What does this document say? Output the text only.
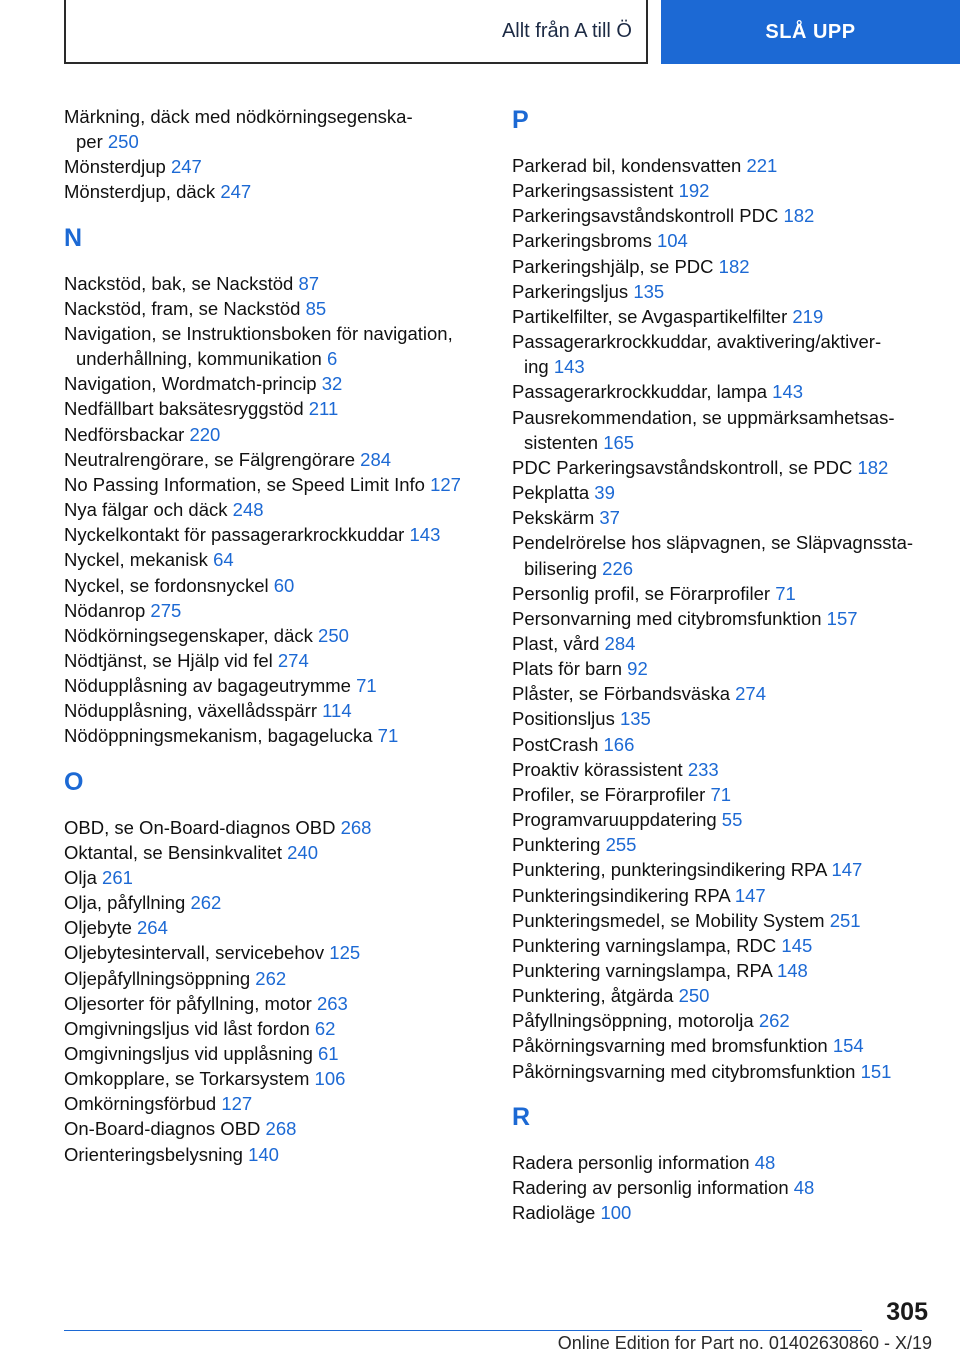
Allt från A till Ö	SLÅ UPP
Märkning, däck med nödkörningsegenska‐
per 250
Mönsterdjup 247
Mönsterdjup, däck 247
N
Nackstöd, bak, se Nackstöd 87
Nackstöd, fram, se Nackstöd 85
Navigation, se Instruktionsboken för navigation,
underhållning, kommunikation 6
Navigation, Wordmatch‐princip 32
Nedfällbart baksätesryggstöd 211
Nedförsbackar 220
Neutralrengörare, se Fälgrengörare 284
No Passing Information, se Speed Limit Info 127
Nya fälgar och däck 248
Nyckelkontakt för passagerarkrockkuddar 143
Nyckel, mekanisk 64
Nyckel, se fordonsnyckel 60
Nödanrop 275
Nödkörningsegenskaper, däck 250
Nödtjänst, se Hjälp vid fel 274
Nödupplåsning av bagageutrymme 71
Nödupplåsning, växellådsspärr 114
Nödöppningsmekanism, bagagelucka 71
O
OBD, se On-Board-diagnos OBD 268
Oktantal, se Bensinkvalitet 240
Olja 261
Olja, påfyllning 262
Oljebyte 264
Oljebytesintervall, servicebehov 125
Oljepåfyllningsöppning 262
Oljesorter för påfyllning, motor 263
Omgivningsljus vid låst fordon 62
Omgivningsljus vid upplåsning 61
Omkopplare, se Torkarsystem 106
Omkörningsförbud 127
On-Board-diagnos OBD 268
Orienteringsbelysning 140
P
Parkerad bil, kondensvatten 221
Parkeringsassistent 192
Parkeringsavståndskontroll PDC 182
Parkeringsbroms 104
Parkeringshjälp, se PDC 182
Parkeringsljus 135
Partikelfilter, se Avgaspartikelfilter 219
Passagerarkrockkuddar, avaktivering/aktiver‐
ing 143
Passagerarkrockkuddar, lampa 143
Pausrekommendation, se uppmärksamhetsas‐
sistenten 165
PDC Parkeringsavståndskontroll, se PDC 182
Pekplatta 39
Pekskärm 37
Pendelrörelse hos släpvagnen, se Släpvagnssta‐
bilisering 226
Personlig profil, se Förarprofiler 71
Personvarning med citybromsfunktion 157
Plast, vård 284
Plats för barn 92
Plåster, se Förbandsväska 274
Positionsljus 135
PostCrash 166
Proaktiv körassistent 233
Profiler, se Förarprofiler 71
Programvaruuppdatering 55
Punktering 255
Punktering, punkteringsindikering RPA 147
Punkteringsindikering RPA 147
Punkteringsmedel, se Mobility System 251
Punktering varningslampa, RDC 145
Punktering varningslampa, RPA 148
Punktering, åtgärda 250
Påfyllningsöppning, motorolja 262
Påkörningsvarning med bromsfunktion 154
Påkörningsvarning med citybromsfunktion 151
R
Radera personlig information 48
Radering av personlig information 48
Radioläge 100
305
Online Edition for Part no. 01402630860 - X/19
